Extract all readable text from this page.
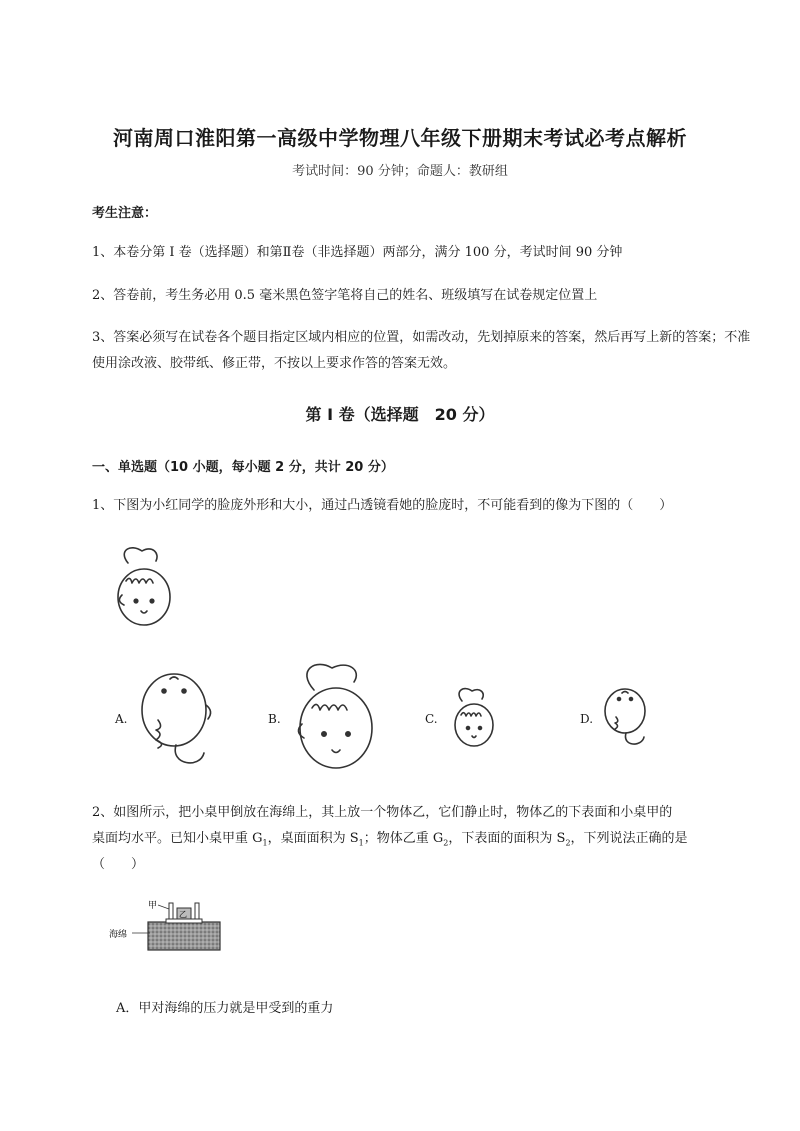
河南周口淮阳第一高级中学物理八年级下册期末考试必考点解析
考试时间：90 分钟；命题人：教研组
考生注意：
1、本卷分第 I 卷（选择题）和第Ⅱ卷（非选择题）两部分，满分 100 分，考试时间 90 分钟
2、答卷前，考生务必用 0.5 毫米黑色签字笔将自己的姓名、班级填写在试卷规定位置上
3、答案必须写在试卷各个题目指定区域内相应的位置，如需改动，先划掉原来的答案，然后再写上新的答案；不准使用涂改液、胶带纸、修正带，不按以上要求作答的答案无效。
第 I 卷（选择题　20 分）
一、单选题（10 小题，每小题 2 分，共计 20 分）
1、下图为小红同学的脸庞外形和大小，通过凸透镜看她的脸庞时，不可能看到的像为下图的（　　）
A.	B.	C.	D.
2、如图所示，把小桌甲倒放在海绵上，其上放一个物体乙，它们静止时，物体乙的下表面和小桌甲的
桌面均水平。已知小桌甲重 $G_1$，桌面面积为 $S_1$；物体乙重 $G_2$，下表面的面积为 $S_2$，下列说法正确的是
（　　）
甲
乙
海绵
A．甲对海绵的压力就是甲受到的重力
